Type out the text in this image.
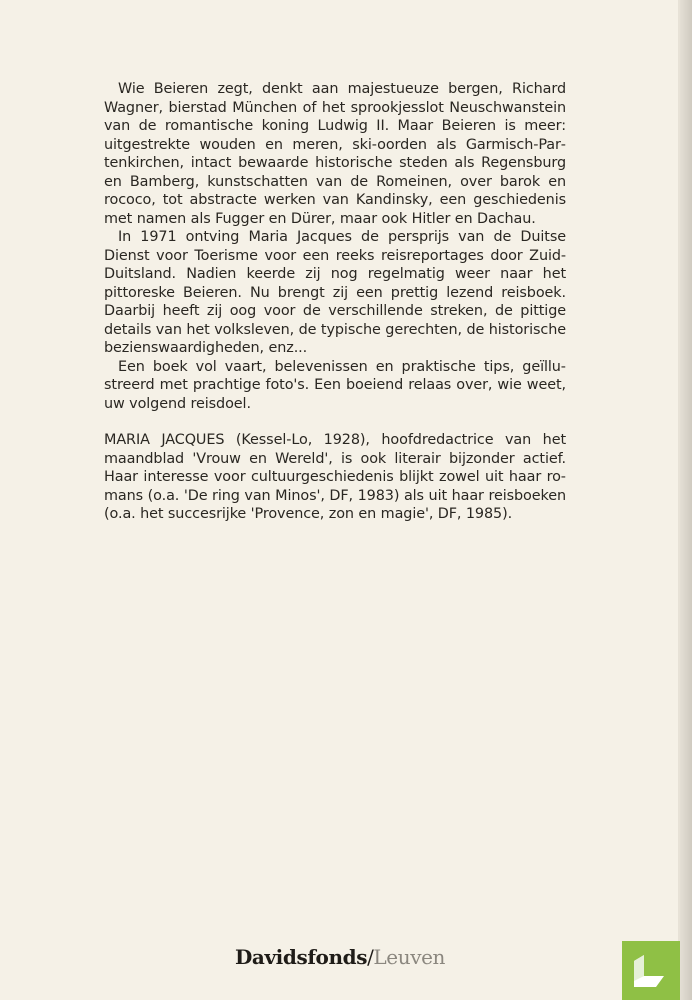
Wie Beieren zegt, denkt aan majestueuze bergen, Richard Wagner, bierstad München of het sprookjesslot Neuschwanstein van de romantische koning Ludwig II. Maar Beieren is meer: uitgestrekte wouden en meren, ski-oorden als Garmisch-Partenkirchen, intact bewaarde historische steden als Regensburg en Bamberg, kunstschatten van de Romeinen, over barok en rococo, tot abstracte werken van Kandinsky, een geschiedenis met namen als Fugger en Dürer, maar ook Hitler en Dachau.

In 1971 ontving Maria Jacques de persprijs van de Duitse Dienst voor Toerisme voor een reeks reisreportages door Zuid-Duitsland. Nadien keerde zij nog regelmatig weer naar het pittoreske Beieren. Nu brengt zij een prettig lezend reisboek. Daarbij heeft zij oog voor de verschillende streken, de pittige details van het volksleven, de typische gerechten, de historische bezienswaardigheden, enz...

Een boek vol vaart, belevenissen en praktische tips, geïllustreerd met prachtige foto's. Een boeiend relaas over, wie weet, uw volgend reisdoel.

MARIA JACQUES (Kessel-Lo, 1928), hoofdredactrice van het maandblad 'Vrouw en Wereld', is ook literair bijzonder actief. Haar interesse voor cultuurgeschiedenis blijkt zowel uit haar romans (o.a. 'De ring van Minos', DF, 1983) als uit haar reisboeken (o.a. het succesrijke 'Provence, zon en magie', DF, 1985).

Davidsfonds/Leuven
